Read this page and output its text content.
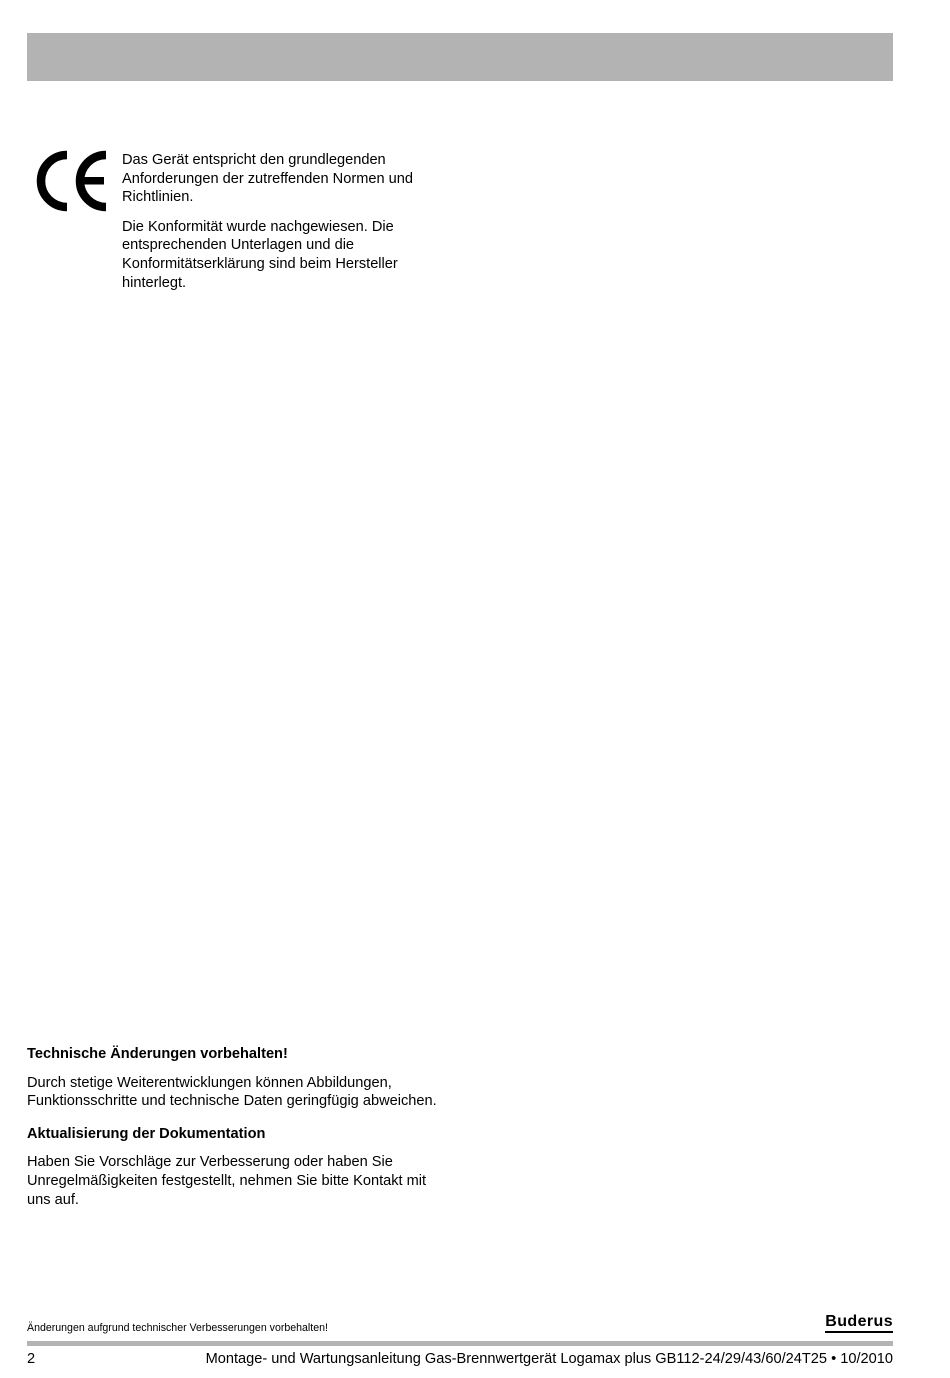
Das Gerät entspricht den grundlegenden Anforderungen der zutreffenden Normen und Richtlinien.

Die Konformität wurde nachgewiesen. Die entsprechenden Unterlagen und die Konformitätserklärung sind beim Hersteller hinterlegt.

Technische Änderungen vorbehalten!

Durch stetige Weiterentwicklungen können Abbildungen, Funktionsschritte und technische Daten geringfügig abweichen.

Aktualisierung der Dokumentation

Haben Sie Vorschläge zur Verbesserung oder haben Sie Unregelmäßigkeiten festgestellt, nehmen Sie bitte Kontakt mit uns auf.

Änderungen aufgrund technischer Verbesserungen vorbehalten!	Buderus
2	Montage- und Wartungsanleitung Gas-Brennwertgerät Logamax plus GB112-24/29/43/60/24T25 • 10/2010
